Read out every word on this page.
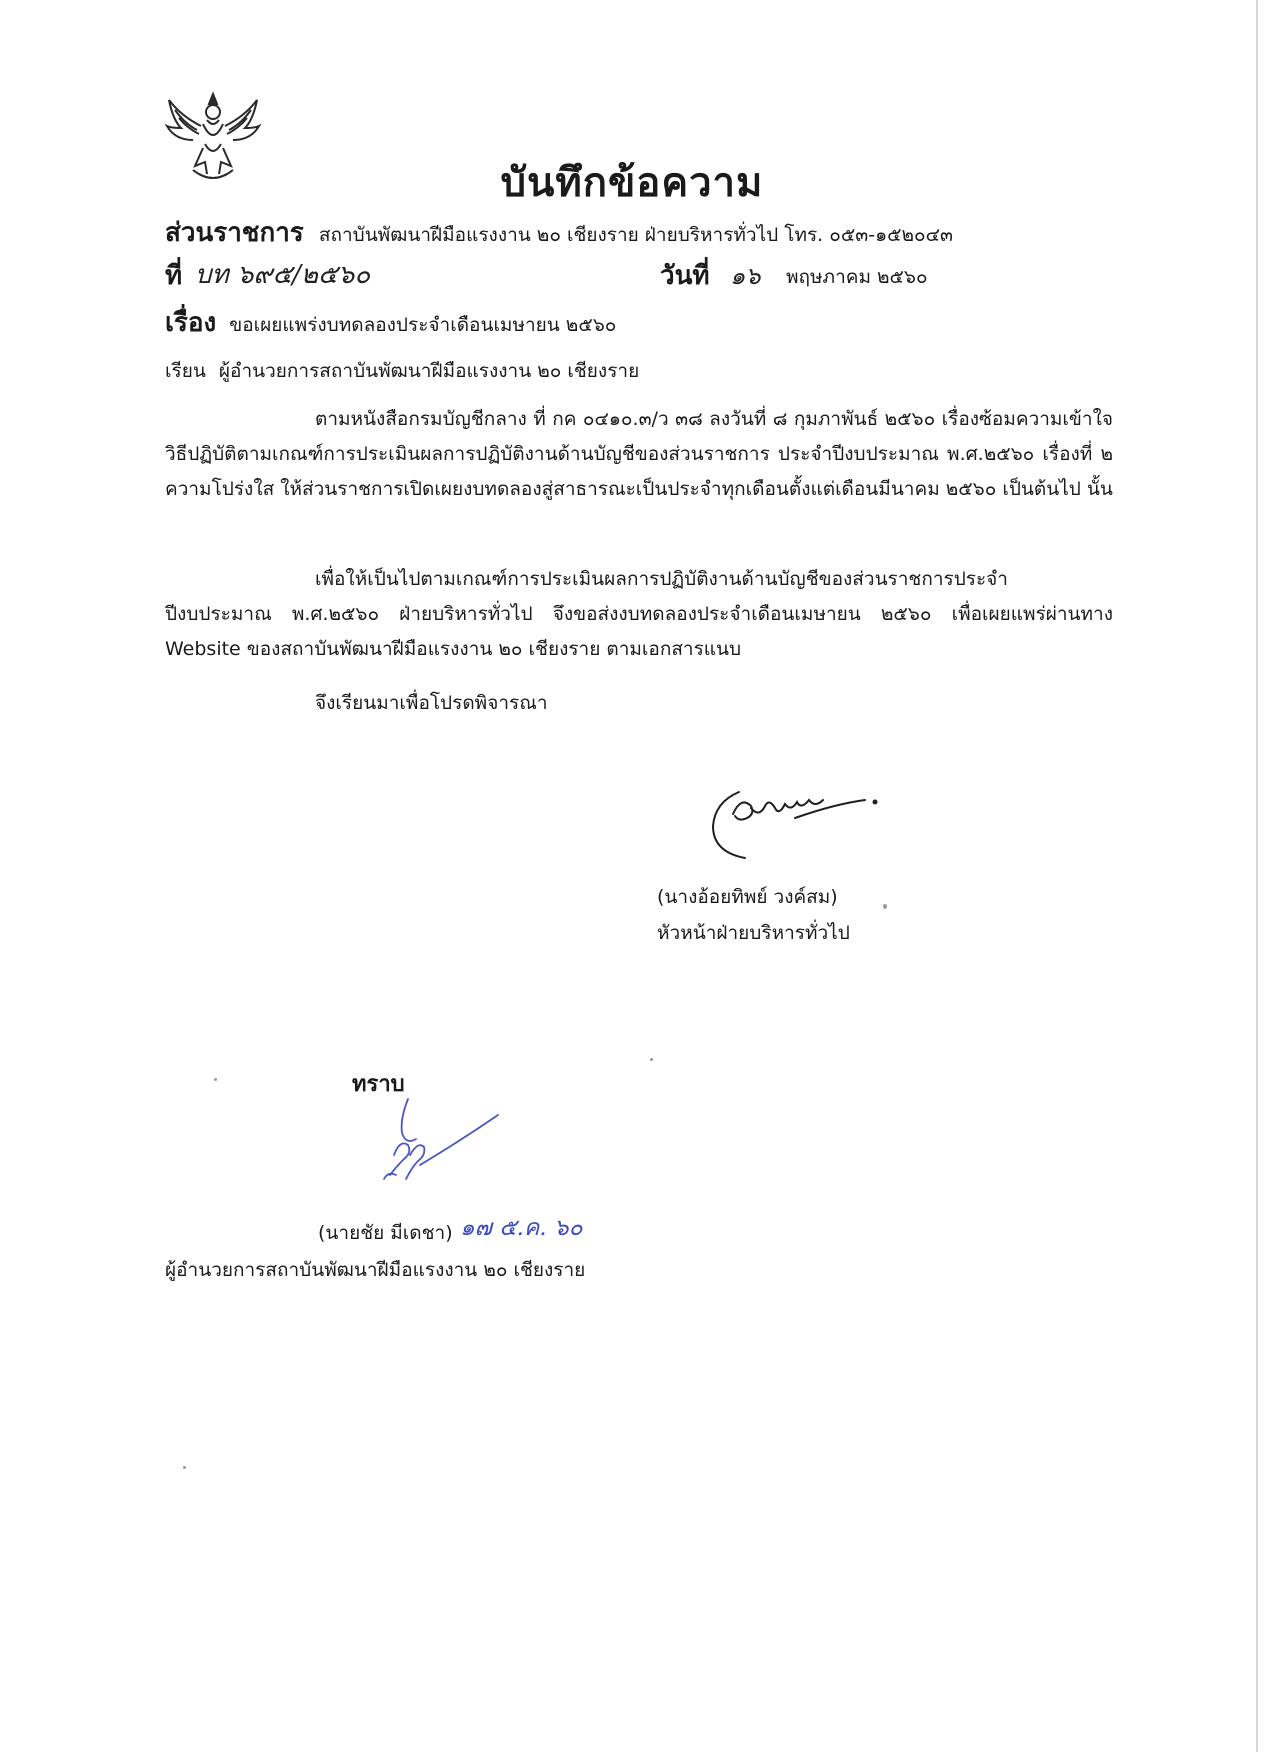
บันทึกข้อความ
ส่วนราชการ สถาบันพัฒนาฝีมือแรงงาน ๒๐ เชียงราย ฝ่ายบริหารทั่วไป โทร. ๐๕๓-๑๕๒๐๔๓
ที่ บท ๖๙๕/๒๕๖๐	วันที่ ๑๖ พฤษภาคม ๒๕๖๐
เรื่อง ขอเผยแพร่งบทดลองประจำเดือนเมษายน ๒๕๖๐
เรียน ผู้อำนวยการสถาบันพัฒนาฝีมือแรงงาน ๒๐ เชียงราย

ตามหนังสือกรมบัญชีกลาง ที่ กค ๐๔๑๐.๓/ว ๓๘ ลงวันที่ ๘ กุมภาพันธ์ ๒๕๖๐ เรื่องซ้อมความเข้าใจวิธีปฏิบัติตามเกณฑ์การประเมินผลการปฏิบัติงานด้านบัญชีของส่วนราชการ ประจำปีงบประมาณ พ.ศ.๒๕๖๐ เรื่องที่ ๒ ความโปร่งใส ให้ส่วนราชการเปิดเผยงบทดลองสู่สาธารณะเป็นประจำทุกเดือนตั้งแต่เดือนมีนาคม ๒๕๖๐ เป็นต้นไป นั้น

เพื่อให้เป็นไปตามเกณฑ์การประเมินผลการปฏิบัติงานด้านบัญชีของส่วนราชการประจำปีงบประมาณ พ.ศ.๒๕๖๐ ฝ่ายบริหารทั่วไป จึงขอส่งงบทดลองประจำเดือนเมษายน ๒๕๖๐ เพื่อเผยแพร่ผ่านทาง Website ของสถาบันพัฒนาฝีมือแรงงาน ๒๐ เชียงราย ตามเอกสารแนบ

จึงเรียนมาเพื่อโปรดพิจารณา
(นางอ้อยทิพย์ วงค์สม)
หัวหน้าฝ่ายบริหารทั่วไป
ทราบ
(นายชัย มีเดชา) ๑๗ ๕.ค. ๖๐
ผู้อำนวยการสถาบันพัฒนาฝีมือแรงงาน ๒๐ เชียงราย
